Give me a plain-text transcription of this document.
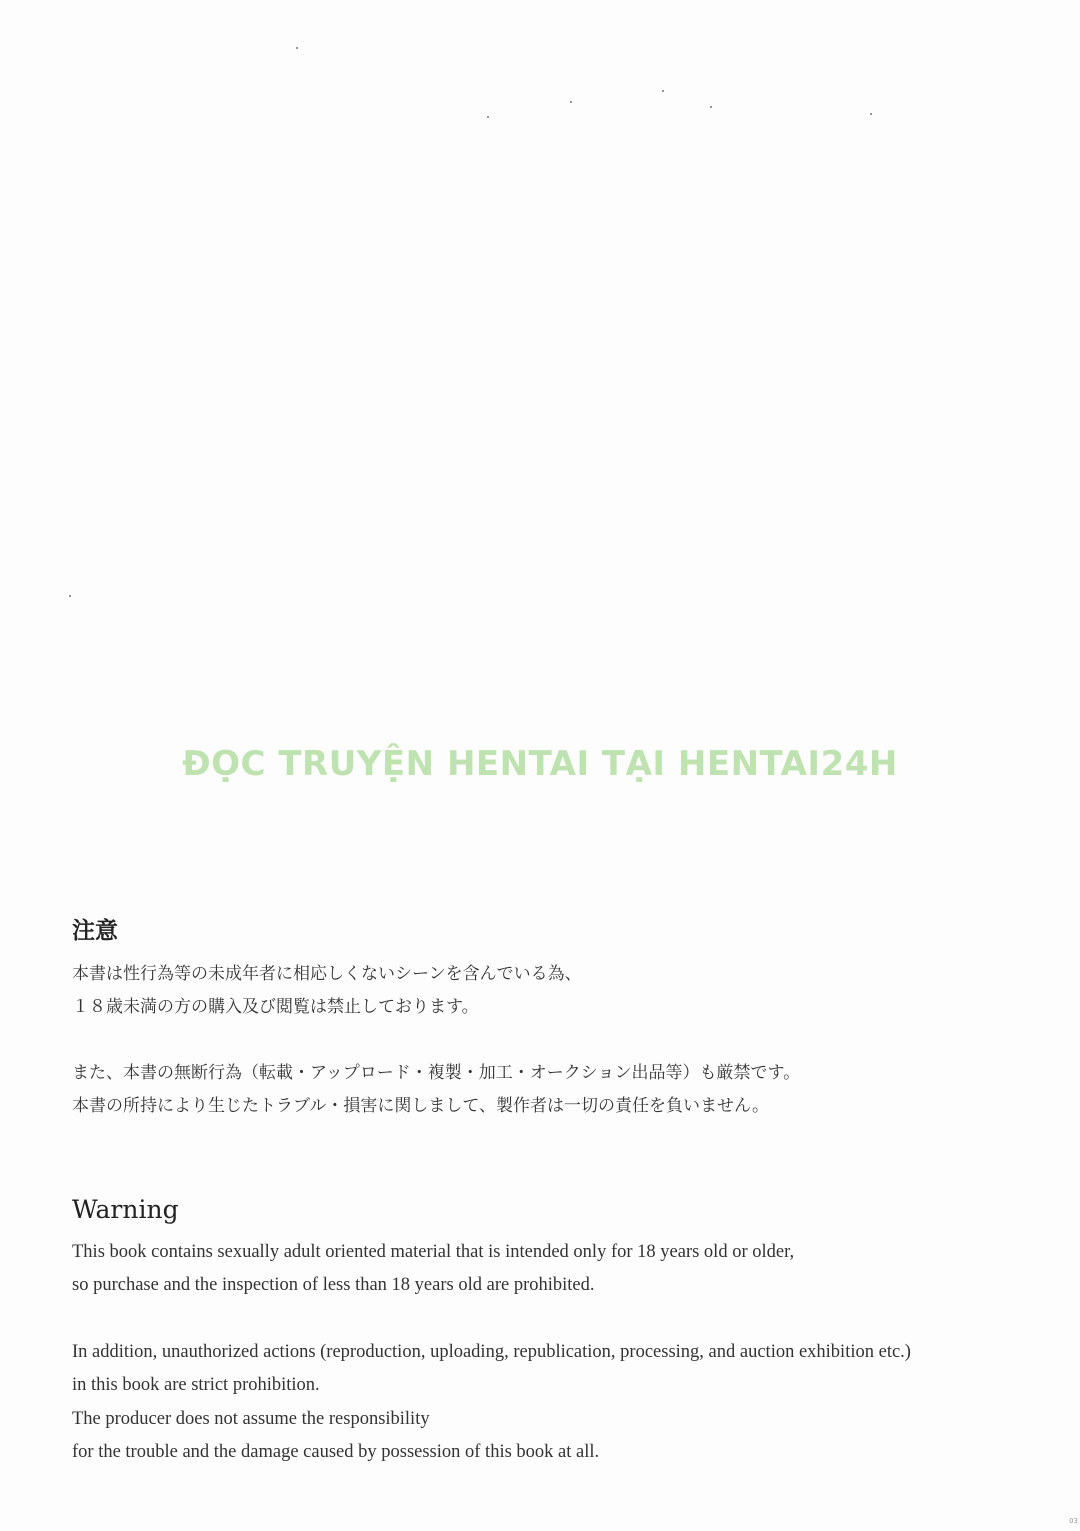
ĐỌC TRUYỆN HENTAI TẠI HENTAI24H
注意
本書は性行為等の未成年者に相応しくないシーンを含んでいる為、
１８歳未満の方の購入及び閲覧は禁止しております。
また、本書の無断行為（転載・アップロード・複製・加工・オークション出品等）も厳禁です。
本書の所持により生じたトラブル・損害に関しまして、製作者は一切の責任を負いません。
Warning
This book contains sexually adult oriented material that is intended only for 18 years old or older,
so purchase and the inspection of less than 18 years old are prohibited.
In addition, unauthorized actions (reproduction, uploading, republication, processing, and auction exhibition etc.)
in this book are strict prohibition.
The producer does not assume the responsibility
for the trouble and the damage caused by possession of this book at all.
03
